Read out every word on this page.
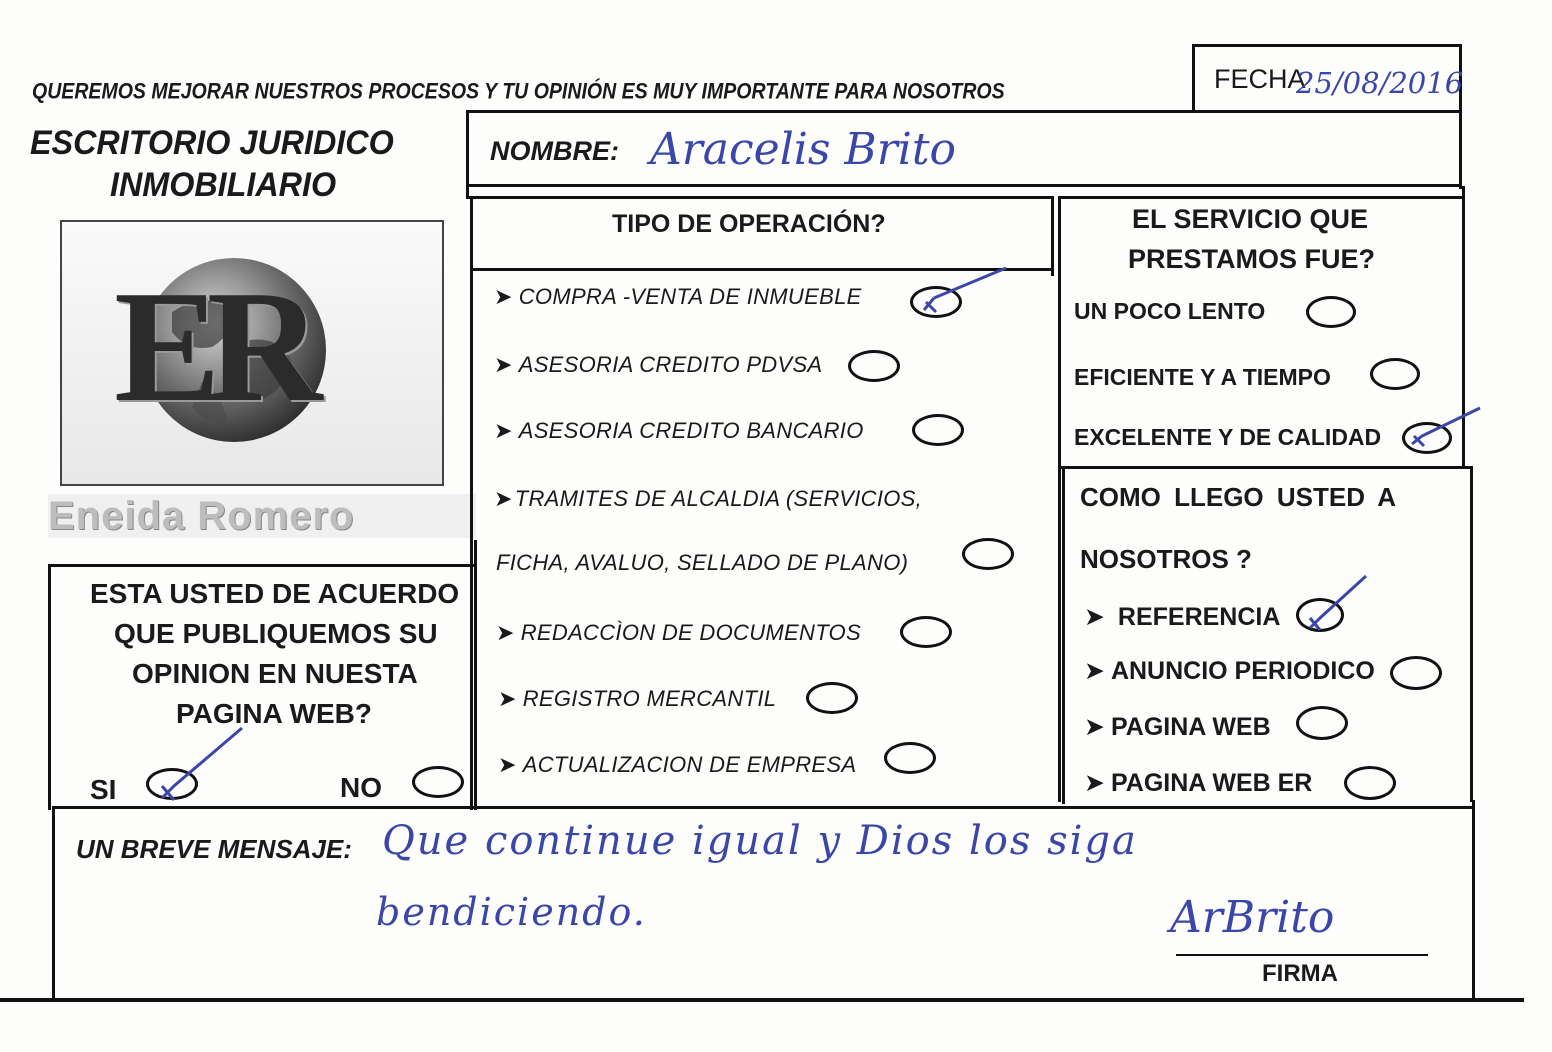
QUEREMOS MEJORAR NUESTROS PROCESOS Y TU OPINIÓN ES MUY IMPORTANTE PARA NOSOTROS	FECHA
25/08/2016
ESCRITORIO JURIDICO
INMOBILIARIO
ER
Eneida Romero
NOMBRE: Aracelis Brito
TIPO DE OPERACIÓN?
➤ COMPRA -VENTA DE INMUEBLE
➤ ASESORIA CREDITO PDVSA
➤ ASESORIA CREDITO BANCARIO
➤TRAMITES DE ALCALDIA (SERVICIOS,
FICHA, AVALUO, SELLADO DE PLANO)
➤ REDACCÌON DE DOCUMENTOS
➤ REGISTRO MERCANTIL
➤ ACTUALIZACION DE EMPRESA
EL SERVICIO QUE
PRESTAMOS FUE?
UN POCO LENTO
EFICIENTE Y A TIEMPO
EXCELENTE Y DE CALIDAD
COMO LLEGO USTED A
NOSOTROS ?
➤ REFERENCIA
➤ ANUNCIO PERIODICO
➤ PAGINA WEB
➤ PAGINA WEB ER
ESTA USTED DE ACUERDO
QUE PUBLIQUEMOS SU
OPINION EN NUESTA
PAGINA WEB?
SI	NO
UN BREVE MENSAJE: Que continue igual y Dios los siga
bendiciendo.	ArBrito
FIRMA
